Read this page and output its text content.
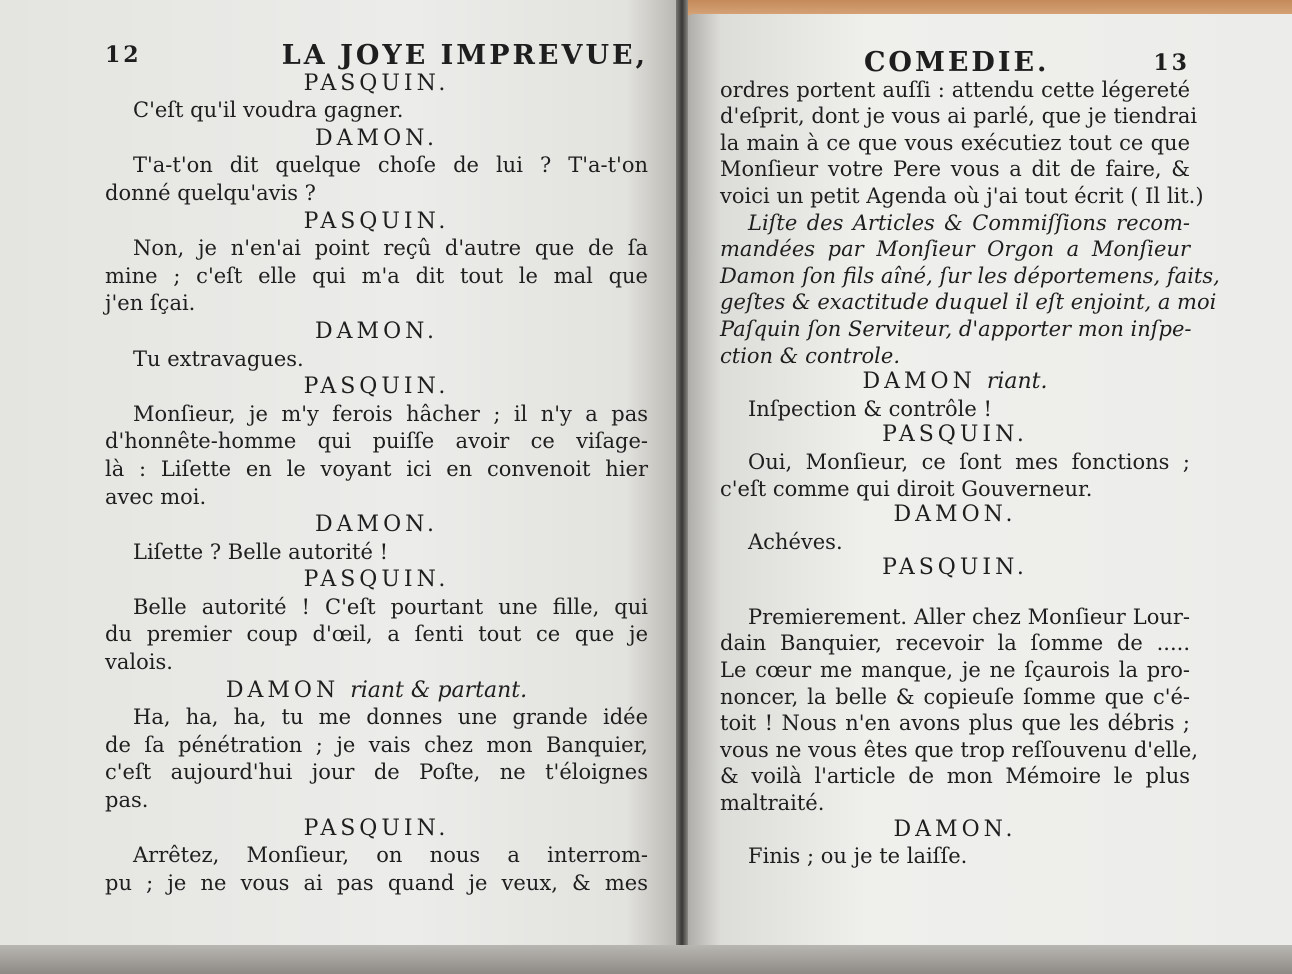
12	LA JOYE IMPREVUE,
PASQUIN.
C'eſt qu'il voudra gagner.
DAMON.
T'a-t'on dit quelque choſe de lui ? T'a-t'on
donné quelqu'avis ?
PASQUIN.
Non, je n'en'ai point reçû d'autre que de ſa
mine ; c'eſt elle qui m'a dit tout le mal que
j'en ſçai.
DAMON.
Tu extravagues.
PASQUIN.
Monſieur, je m'y ferois hâcher ; il n'y a pas
d'honnête-homme qui puiſſe avoir ce viſage-
là : Liſette en le voyant ici en convenoit hier
avec moi.
DAMON.
Liſette ? Belle autorité !
PASQUIN.
Belle autorité ! C'eſt pourtant une fille, qui
du premier coup d'œil, a ſenti tout ce que je
valois.
DAMON riant & partant.
Ha, ha, ha, tu me donnes une grande idée
de ſa pénétration ; je vais chez mon Banquier,
c'eſt aujourd'hui jour de Poſte, ne t'éloignes
pas.
PASQUIN.
Arrêtez, Monſieur, on nous a interrom-
pu ; je ne vous ai pas quand je veux, & mes
COMEDIE.	13
ordres portent auſſi : attendu cette légereté
d'eſprit, dont je vous ai parlé, que je tiendrai
la main à ce que vous exécutiez tout ce que
Monſieur votre Pere vous a dit de faire, &
voici un petit Agenda où j'ai tout écrit ( Il lit.)
Liſte des Articles & Commiſſions recom-
mandées par Monſieur Orgon a Monſieur
Damon ſon fils aîné, ſur les déportemens, faits,
geſtes & exactitude duquel il eſt enjoint, a moi
Paſquin ſon Serviteur, d'apporter mon inſpe-
ction & controle.
DAMON riant.
Inſpection & contrôle !
PASQUIN.
Oui, Monſieur, ce ſont mes fonctions ;
c'eſt comme qui diroit Gouverneur.
DAMON.
Achéves.
PASQUIN.
Premierement. Aller chez Monſieur Lour-
dain Banquier, recevoir la ſomme de .....
Le cœur me manque, je ne ſçaurois la pro-
noncer, la belle & copieuſe ſomme que c'é-
toit ! Nous n'en avons plus que les débris ;
vous ne vous êtes que trop reſſouvenu d'elle,
& voilà l'article de mon Mémoire le plus
maltraité.
DAMON.
Finis ; ou je te laiſſe.
